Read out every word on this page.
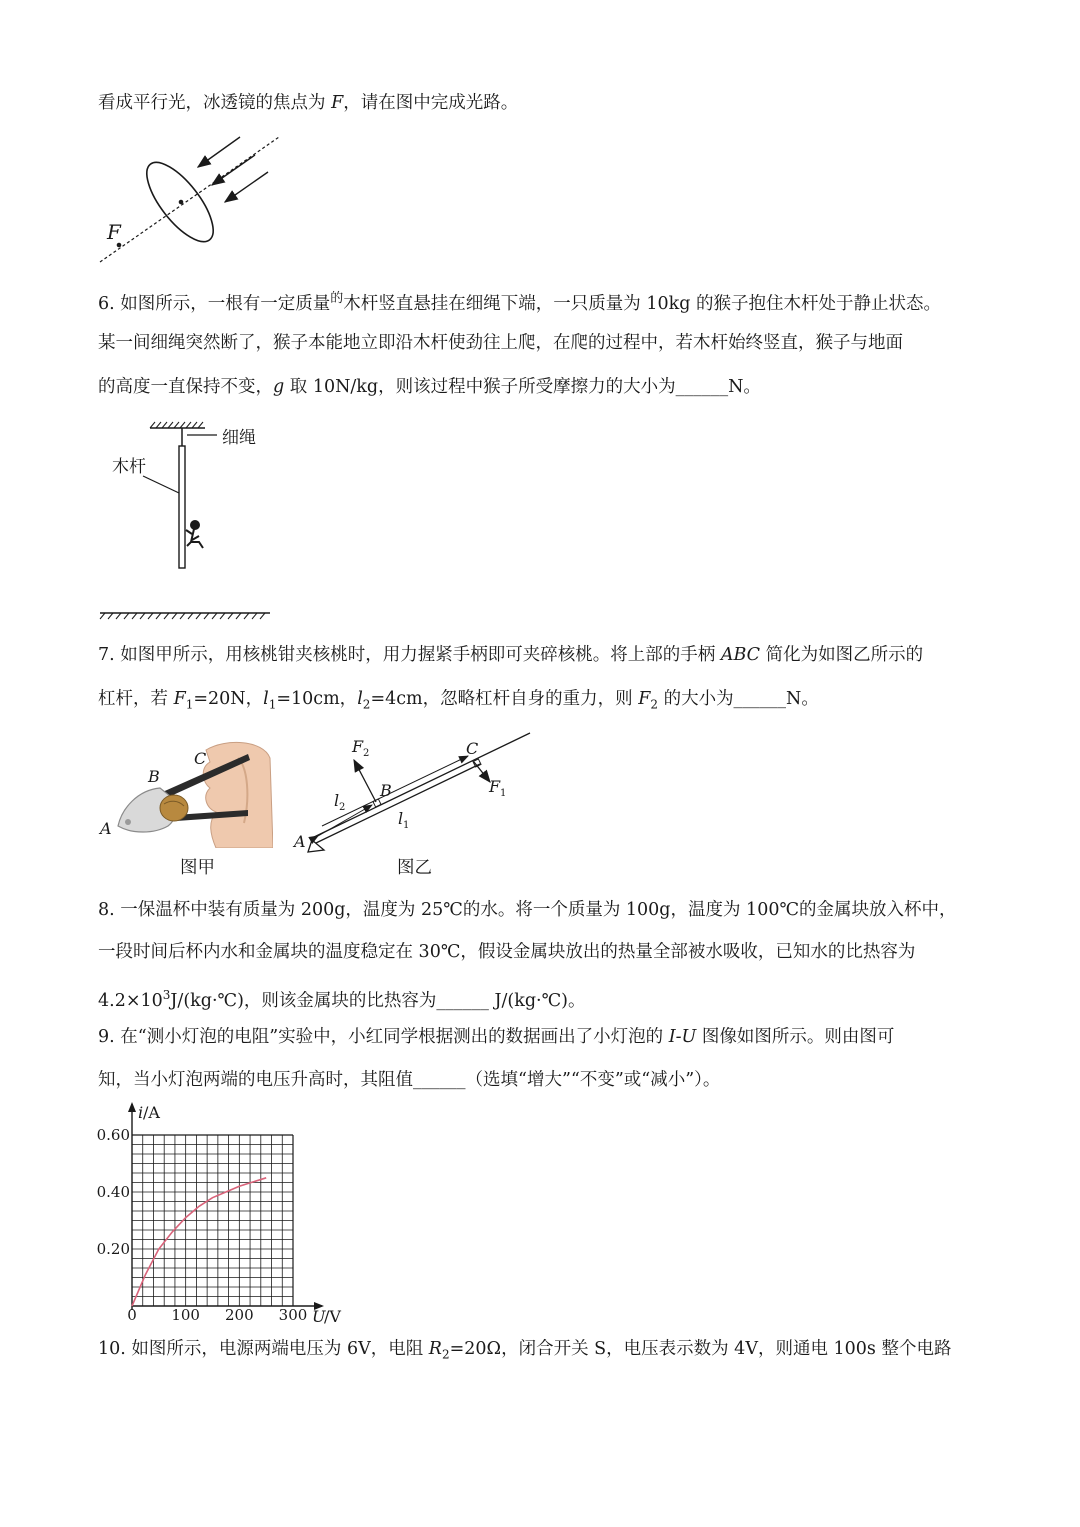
看成平行光，冰透镜的焦点为 F，请在图中完成光路。
F
6. 如图所示，一根有一定质量$^的$木杆竖直悬挂在细绳下端，一只质量为 10kg 的猴子抱住木杆处于静止状态。
某一间细绳突然断了，猴子本能地立即沿木杆使劲往上爬，在爬的过程中，若木杆始终竖直，猴子与地面
的高度一直保持不变，g 取 10N/kg，则该过程中猴子所受摩擦力的大小为______N。
细绳
木杆
7. 如图甲所示，用核桃钳夹核桃时，用力握紧手柄即可夹碎核桃。将上部的手柄 ABC 简化为如图乙所示的
杠杆，若 $F_1=20N$，$l_1=10cm$，$l_2=4cm$，忽略杠杆自身的重力，则 $F_2$ 的大小为______N。
A
B
C
图甲
F 2
F 1
l 2
l 1
A
B
C
图乙
8. 一保温杯中装有质量为 200g，温度为 25℃的水。将一个质量为 100g，温度为 100℃的金属块放入杯中，
一段时间后杯内水和金属块的温度稳定在 30℃，假设金属块放出的热量全部被水吸收，已知水的比热容为
$4.2\times 10^3J/(kg\cdot℃)$，则该金属块的比热容为______ J/(kg·℃)。
9. 在“测小灯泡的电阻”实验中，小红同学根据测出的数据画出了小灯泡的 I-U 图像如图所示。则由图可
知，当小灯泡两端的电压升高时，其阻值______（选填“增大”“不变”或“减小”）。
i /A
U
/V
0.60
0.40
0.20
0 100 200 300
10. 如图所示，电源两端电压为 6V，电阻 $R_2=20\Omega$，闭合开关 S，电压表示数为 4V，则通电 100s 整个电路
